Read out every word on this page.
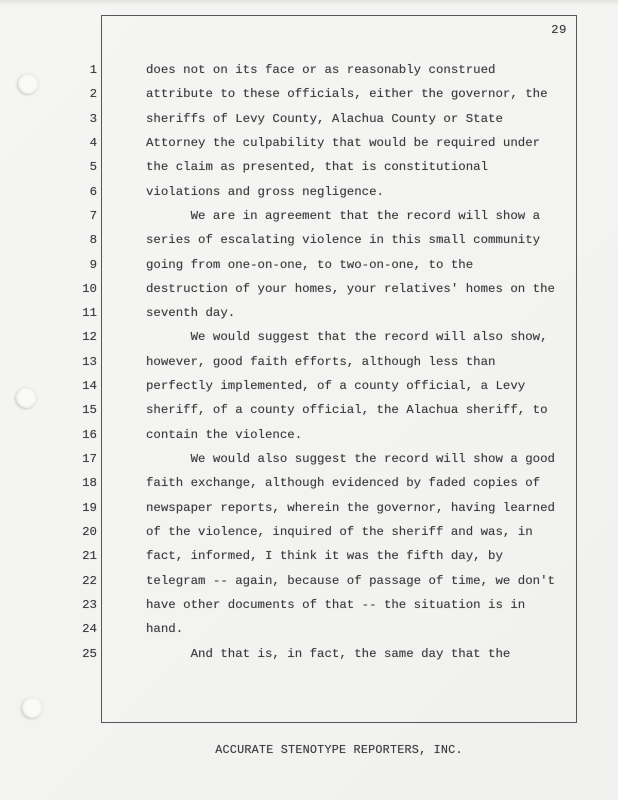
29
1	does not on its face or as reasonably construed
2	attribute to these officials, either the governor, the
3	sheriffs of Levy County, Alachua County or State
4	Attorney the culpability that would be required under
5	the claim as presented, that is constitutional
6	violations and gross negligence.
7	We are in agreement that the record will show a
8	series of escalating violence in this small community
9	going from one-on-one, to two-on-one, to the
10	destruction of your homes, your relatives' homes on the
11	seventh day.
12	We would suggest that the record will also show,
13	however, good faith efforts, although less than
14	perfectly implemented, of a county official, a Levy
15	sheriff, of a county official, the Alachua sheriff, to
16	contain the violence.
17	We would also suggest the record will show a good
18	faith exchange, although evidenced by faded copies of
19	newspaper reports, wherein the governor, having learned
20	of the violence, inquired of the sheriff and was, in
21	fact, informed, I think it was the fifth day, by
22	telegram -- again, because of passage of time, we don't
23	have other documents of that -- the situation is in
24	hand.
25	And that is, in fact, the same day that the
ACCURATE STENOTYPE REPORTERS, INC.
